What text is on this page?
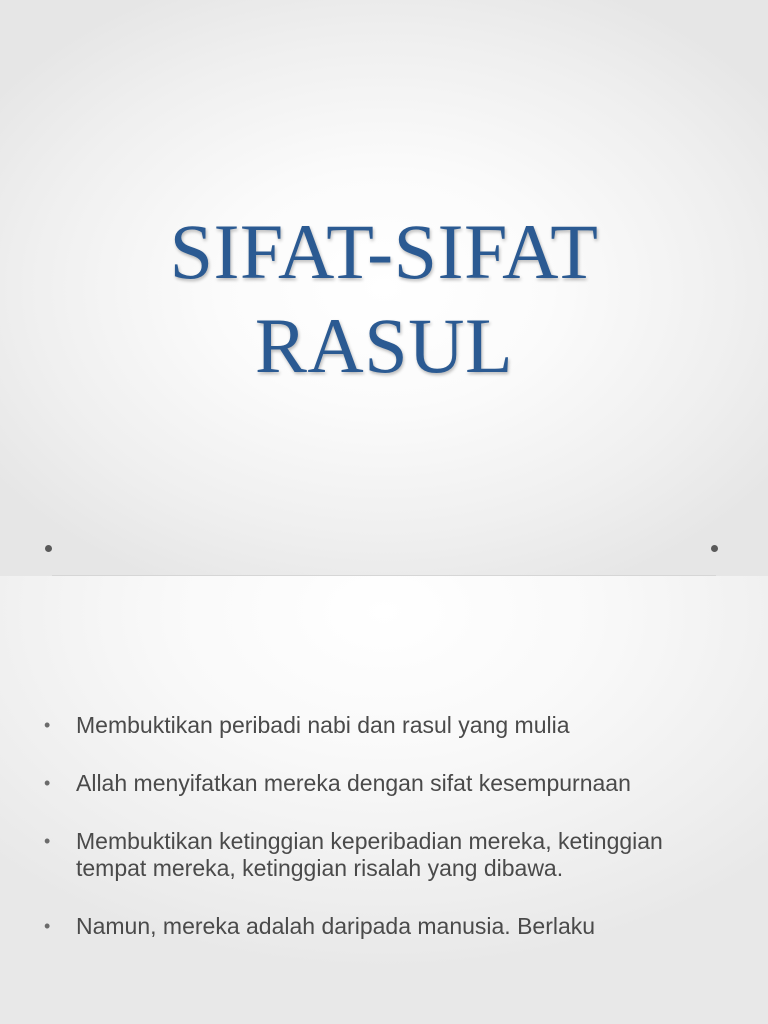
SIFAT-SIFAT
RASUL
•	Membuktikan peribadi nabi dan rasul yang mulia
•	Allah menyifatkan mereka dengan sifat kesempurnaan
•	Membuktikan ketinggian keperibadian mereka, ketinggian tempat mereka, ketinggian risalah yang dibawa.
•	Namun, mereka adalah daripada manusia. Berlaku
